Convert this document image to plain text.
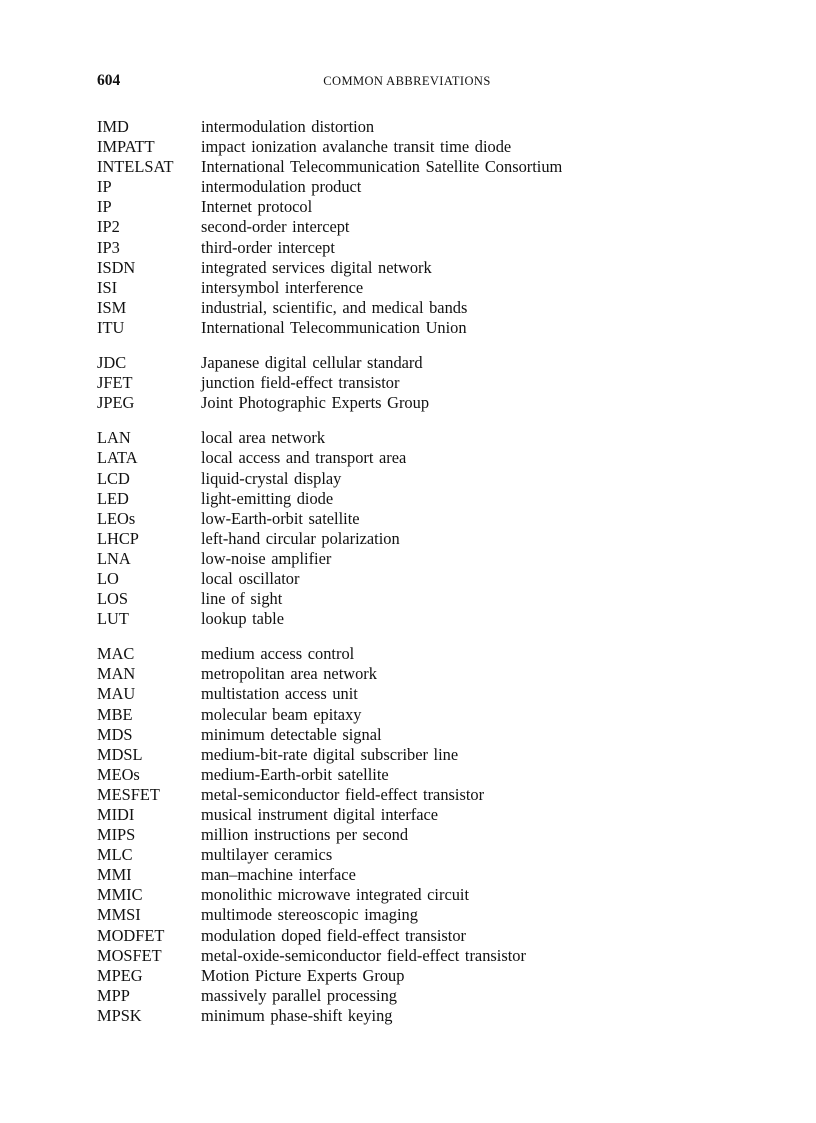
604	COMMON ABBREVIATIONS
IMD	intermodulation distortion
IMPATT	impact ionization avalanche transit time diode
INTELSAT	International Telecommunication Satellite Consortium
IP	intermodulation product
IP	Internet protocol
IP2	second-order intercept
IP3	third-order intercept
ISDN	integrated services digital network
ISI	intersymbol interference
ISM	industrial, scientific, and medical bands
ITU	International Telecommunication Union
JDC	Japanese digital cellular standard
JFET	junction field-effect transistor
JPEG	Joint Photographic Experts Group
LAN	local area network
LATA	local access and transport area
LCD	liquid-crystal display
LED	light-emitting diode
LEOs	low-Earth-orbit satellite
LHCP	left-hand circular polarization
LNA	low-noise amplifier
LO	local oscillator
LOS	line of sight
LUT	lookup table
MAC	medium access control
MAN	metropolitan area network
MAU	multistation access unit
MBE	molecular beam epitaxy
MDS	minimum detectable signal
MDSL	medium-bit-rate digital subscriber line
MEOs	medium-Earth-orbit satellite
MESFET	metal-semiconductor field-effect transistor
MIDI	musical instrument digital interface
MIPS	million instructions per second
MLC	multilayer ceramics
MMI	man–machine interface
MMIC	monolithic microwave integrated circuit
MMSI	multimode stereoscopic imaging
MODFET	modulation doped field-effect transistor
MOSFET	metal-oxide-semiconductor field-effect transistor
MPEG	Motion Picture Experts Group
MPP	massively parallel processing
MPSK	minimum phase-shift keying
